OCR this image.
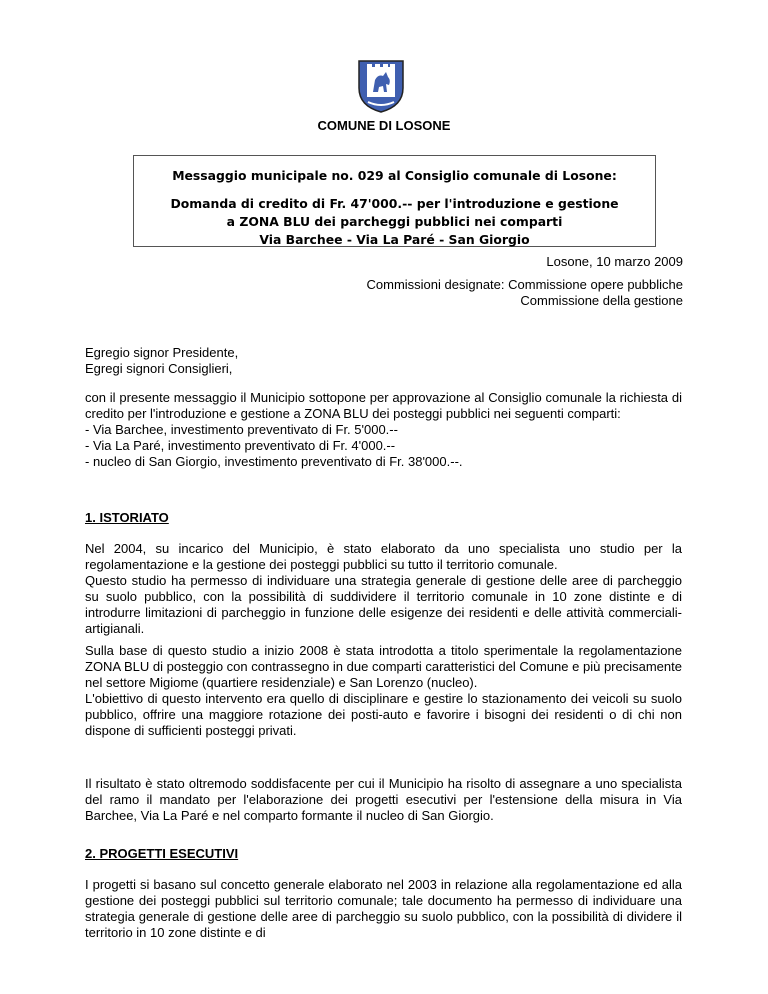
COMUNE DI LOSONE
Messaggio municipale no. 029 al Consiglio comunale di Losone:
Domanda di credito di Fr. 47'000.-- per l'introduzione e gestione
a ZONA BLU dei parcheggi pubblici nei comparti
Via Barchee - Via La Paré - San Giorgio
Losone, 10 marzo 2009
Commissioni designate: Commissione opere pubbliche
Commissione della gestione
Egregio signor Presidente,
Egregi signori Consiglieri,

con il presente messaggio il Municipio sottopone per approvazione al Consiglio comunale la richiesta di credito per l'introduzione e gestione a ZONA BLU dei posteggi pubblici nei seguenti comparti:

- Via Barchee, investimento preventivato di Fr. 5'000.--
- Via La Paré, investimento preventivato di Fr. 4'000.--
- nucleo di San Giorgio, investimento preventivato di Fr. 38'000.--.
1. ISTORIATO

Nel 2004, su incarico del Municipio, è stato elaborato da uno specialista uno studio per la regolamentazione e la gestione dei posteggi pubblici su tutto il territorio comunale.

Questo studio ha permesso di individuare una strategia generale di gestione delle aree di parcheggio su suolo pubblico, con la possibilità di suddividere il territorio comunale in 10 zone distinte e di introdurre limitazioni di parcheggio in funzione delle esigenze dei residenti e delle attività commerciali-artigianali.

Sulla base di questo studio a inizio 2008 è stata introdotta a titolo sperimentale la regolamentazione ZONA BLU di posteggio con contrassegno in due comparti caratteristici del Comune e più precisamente nel settore Migiome (quartiere residenziale) e San Lorenzo (nucleo).

L'obiettivo di questo intervento era quello di disciplinare e gestire lo stazionamento dei veicoli su suolo pubblico, offrire una maggiore rotazione dei posti-auto e favorire i bisogni dei residenti o di chi non dispone di sufficienti posteggi privati.

Il risultato è stato oltremodo soddisfacente per cui il Municipio ha risolto di assegnare a uno specialista del ramo il mandato per l'elaborazione dei progetti esecutivi per l'estensione della misura in Via Barchee, Via La Paré e nel comparto formante il nucleo di San Giorgio.

2. PROGETTI ESECUTIVI

I progetti si basano sul concetto generale elaborato nel 2003 in relazione alla regolamentazione ed alla gestione dei posteggi pubblici sul territorio comunale; tale documento ha permesso di individuare una strategia generale di gestione delle aree di parcheggio su suolo pubblico, con la possibilità di dividere il territorio in 10 zone distinte e di
